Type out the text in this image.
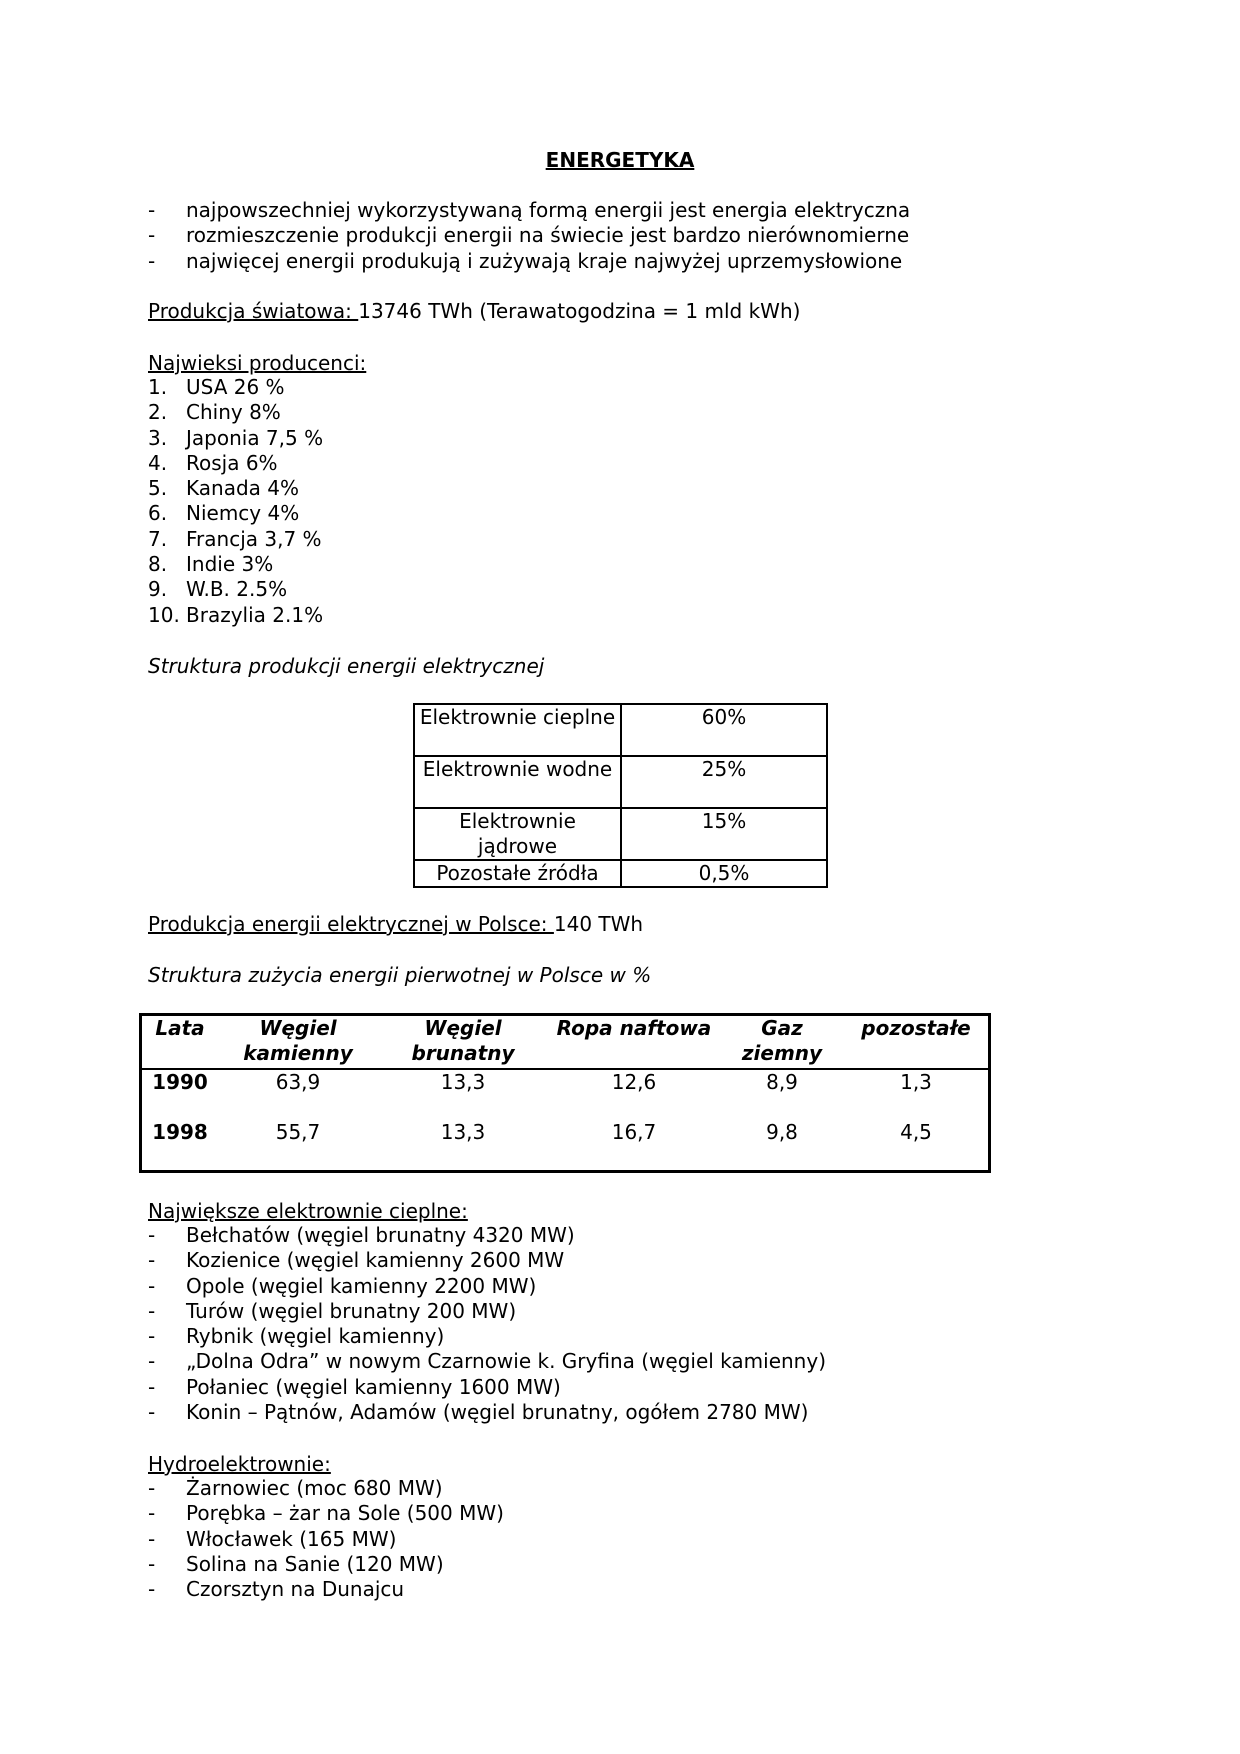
ENERGETYKA
- najpowszechniej wykorzystywaną formą energii jest energia elektryczna
- rozmieszczenie produkcji energii na świecie jest bardzo nierównomierne
- najwięcej energii produkują i zużywają kraje najwyżej uprzemysłowione
Produkcja światowa: 13746 TWh (Terawatogodzina = 1 mld kWh)
Najwieksi producenci:
1. USA 26 %
2. Chiny 8%
3. Japonia 7,5 %
4. Rosja 6%
5. Kanada 4%
6. Niemcy 4%
7. Francja 3,7 %
8. Indie 3%
9. W.B. 2.5%
10. Brazylia 2.1%
Struktura produkcji energii elektrycznej
Elektrownie cieplne	60%
Elektrownie wodne	25%
Elektrownie jądrowe	15%
Pozostałe źródła	0,5%
Produkcja energii elektrycznej w Polsce: 140 TWh
Struktura zużycia energii pierwotnej w Polsce w %
Lata	Węgiel kamienny	Węgiel brunatny	Ropa naftowa	Gaz ziemny	pozostałe
1990	63,9	13,3	12,6	8,9	1,3
1998	55,7	13,3	16,7	9,8	4,5
Największe elektrownie cieplne:
- Bełchatów (węgiel brunatny 4320 MW)
- Kozienice (węgiel kamienny 2600 MW
- Opole (węgiel kamienny 2200 MW)
- Turów (węgiel brunatny 200 MW)
- Rybnik (węgiel kamienny)
- „Dolna Odra” w nowym Czarnowie k. Gryfina (węgiel kamienny)
- Połaniec (węgiel kamienny 1600 MW)
- Konin – Pątnów, Adamów (węgiel brunatny, ogółem 2780 MW)
Hydroelektrownie:
- Żarnowiec (moc 680 MW)
- Porębka – żar na Sole (500 MW)
- Włocławek (165 MW)
- Solina na Sanie (120 MW)
- Czorsztyn na Dunajcu
